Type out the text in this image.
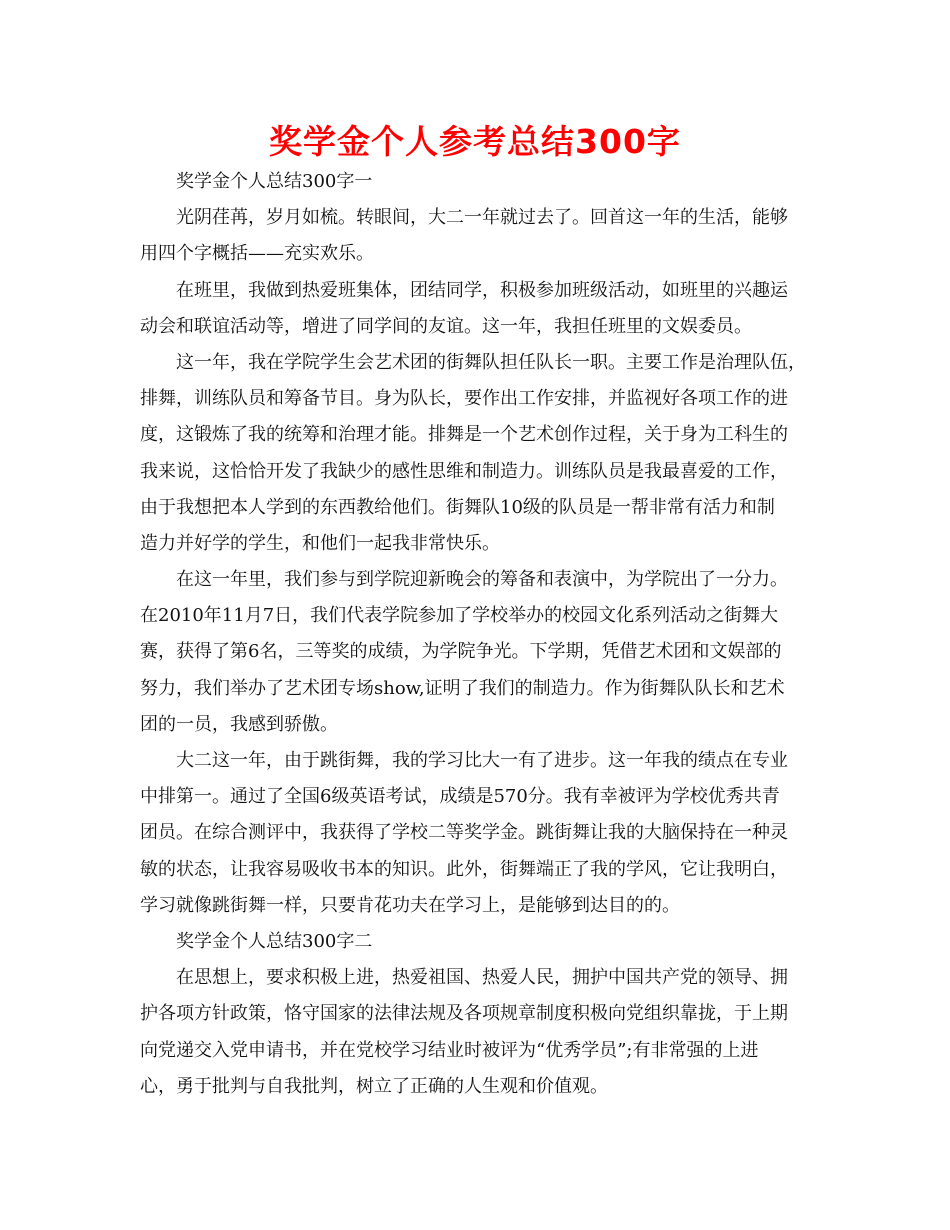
奖学金个人参考总结300字
奖学金个人总结300字一
光阴荏苒，岁月如梳。转眼间，大二一年就过去了。回首这一年的生活，能够
用四个字概括——充实欢乐。
在班里，我做到热爱班集体，团结同学，积极参加班级活动，如班里的兴趣运
动会和联谊活动等，增进了同学间的友谊。这一年，我担任班里的文娱委员。
这一年，我在学院学生会艺术团的街舞队担任队长一职。主要工作是治理队伍，
排舞，训练队员和筹备节目。身为队长，要作出工作安排，并监视好各项工作的进
度，这锻炼了我的统筹和治理才能。排舞是一个艺术创作过程，关于身为工科生的
我来说，这恰恰开发了我缺少的感性思维和制造力。训练队员是我最喜爱的工作，
由于我想把本人学到的东西教给他们。街舞队10级的队员是一帮非常有活力和制
造力并好学的学生，和他们一起我非常快乐。
在这一年里，我们参与到学院迎新晚会的筹备和表演中，为学院出了一分力。
在2010年11月7日，我们代表学院参加了学校举办的校园文化系列活动之街舞大
赛，获得了第6名，三等奖的成绩，为学院争光。下学期，凭借艺术团和文娱部的
努力，我们举办了艺术团专场show,证明了我们的制造力。作为街舞队队长和艺术
团的一员，我感到骄傲。
大二这一年，由于跳街舞，我的学习比大一有了进步。这一年我的绩点在专业
中排第一。通过了全国6级英语考试，成绩是570分。我有幸被评为学校优秀共青
团员。在综合测评中，我获得了学校二等奖学金。跳街舞让我的大脑保持在一种灵
敏的状态，让我容易吸收书本的知识。此外，街舞端正了我的学风，它让我明白，
学习就像跳街舞一样，只要肯花功夫在学习上，是能够到达目的的。
奖学金个人总结300字二
在思想上，要求积极上进，热爱祖国、热爱人民，拥护中国共产党的领导、拥
护各项方针政策，恪守国家的法律法规及各项规章制度积极向党组织靠拢，于上期
向党递交入党申请书，并在党校学习结业时被评为“优秀学员”;有非常强的上进
心，勇于批判与自我批判，树立了正确的人生观和价值观。
